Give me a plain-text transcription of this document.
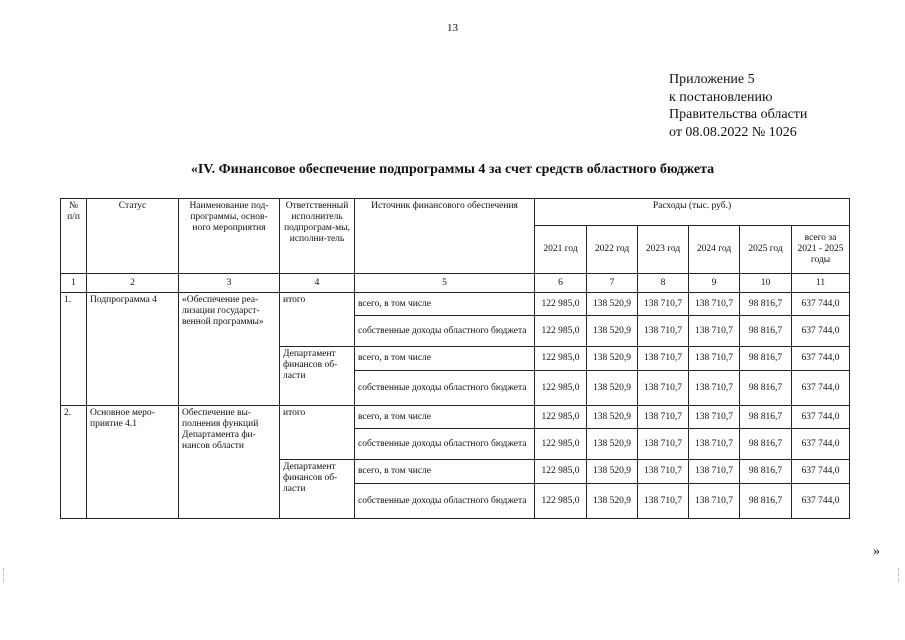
13
Приложение 5
к постановлению
Правительства области
от 08.08.2022 № 1026
«IV. Финансовое обеспечение подпрограммы 4 за счет средств областного бюджета
№ п/п	Статус	Наименование под-программы, основ-ного мероприятия	Ответственный исполнитель подпрограм-мы, исполни-тель	Источник финансового обеспечения	Расходы (тыс. руб.)					
					2021 год	2022 год	2023 год	2024 год	2025 год	всего за 2021 - 2025 годы
1	2	3	4	5	6	7	8	9	10	11
1.	Подпрограмма 4	«Обеспечение реа-лизации государст-венной программы»	итого	всего, в том числе	122 985,0	138 520,9	138 710,7	138 710,7	98 816,7	637 744,0
				собственные доходы областного бюджета	122 985,0	138 520,9	138 710,7	138 710,7	98 816,7	637 744,0
			Департамент финансов об-ласти	всего, в том числе	122 985,0	138 520,9	138 710,7	138 710,7	98 816,7	637 744,0
				собственные доходы областного бюджета	122 985,0	138 520,9	138 710,7	138 710,7	98 816,7	637 744,0
2.	Основное меро-приятие 4.1	Обеспечение вы-полнения функций Департамента фи-нансов области	итого	всего, в том числе	122 985,0	138 520,9	138 710,7	138 710,7	98 816,7	637 744,0
				собственные доходы областного бюджета	122 985,0	138 520,9	138 710,7	138 710,7	98 816,7	637 744,0
			Департамент финансов об-ласти	всего, в том числе	122 985,0	138 520,9	138 710,7	138 710,7	98 816,7	637 744,0
				собственные доходы областного бюджета	122 985,0	138 520,9	138 710,7	138 710,7	98 816,7	637 744,0
»
